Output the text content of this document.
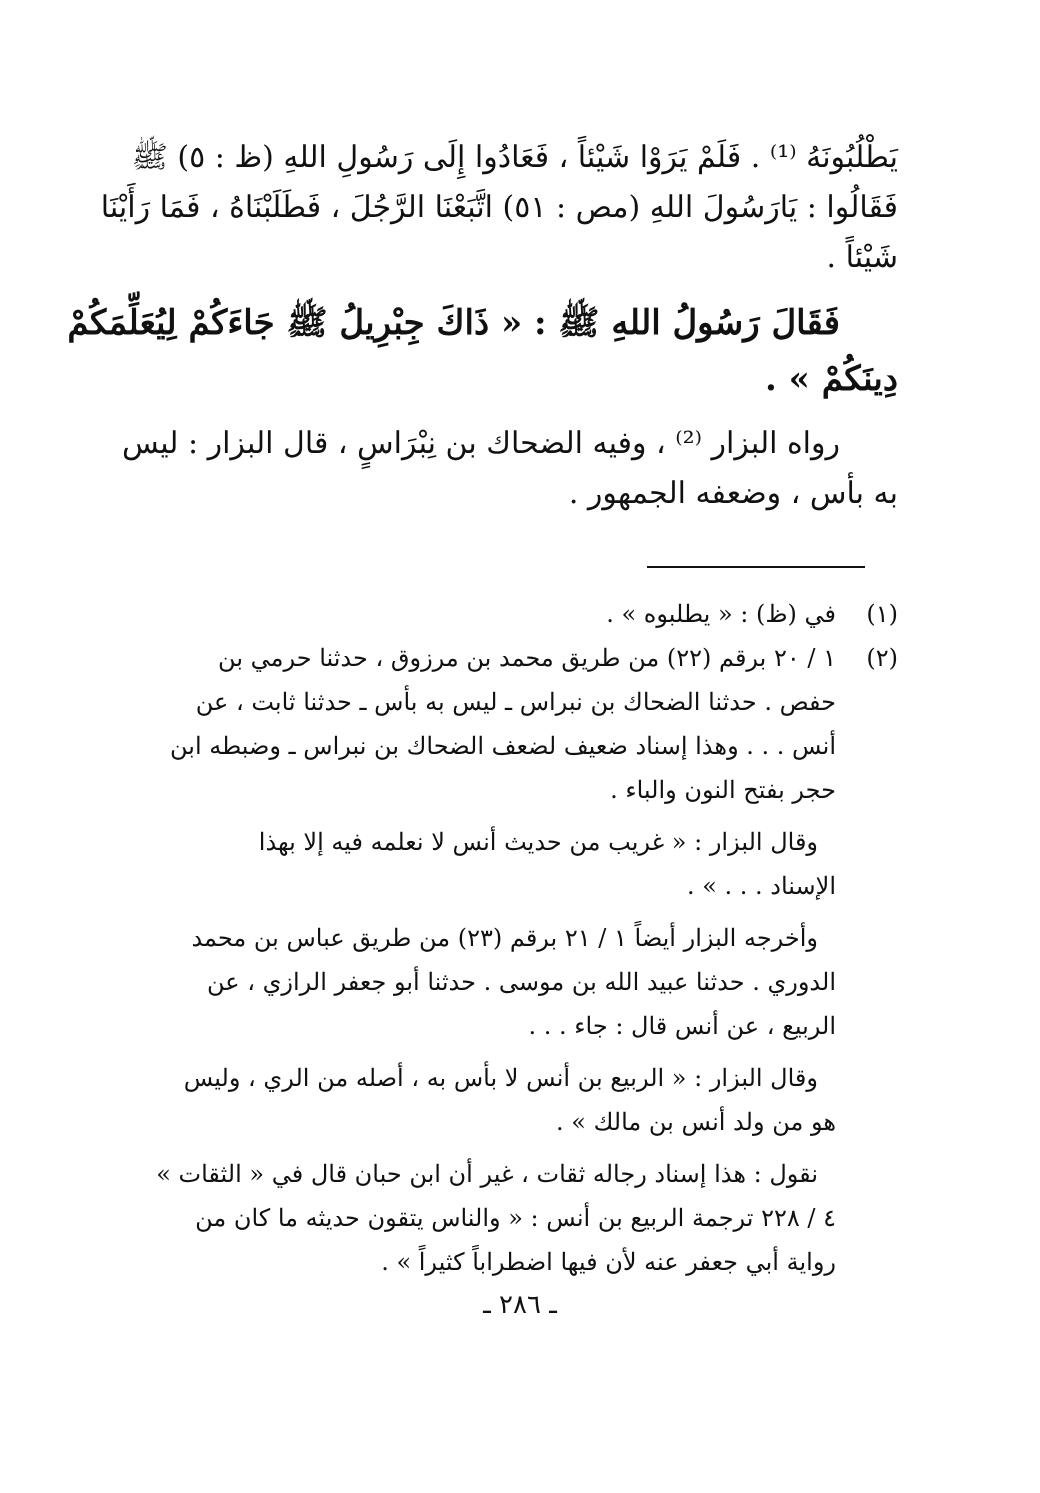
يَطْلُبُونَهُ ⁽¹⁾ . فَلَمْ يَرَوْا شَيْئاً ، فَعَادُوا إِلَى رَسُولِ اللهِ (ظ : ٥) ﷺ

فَقَالُوا : يَارَسُولَ اللهِ (مص : ٥١) اتَّبَعْنَا الرَّجُلَ ، فَطَلَبْنَاهُ ، فَمَا رَأَيْنَا

شَيْئاً .

فَقَالَ رَسُولُ اللهِ ﷺ : « ذَاكَ جِبْرِيلُ ﷺ جَاءَكُمْ لِيُعَلِّمَكُمْ

دِينَكُمْ » .

رواه البزار ⁽²⁾ ، وفيه الضحاك بن نِبْرَاسٍ ، قال البزار : ليس

به بأس ، وضعفه الجمهور .

(١)في (ظ) : « يطلبوه » .

(٢)١ / ٢٠ برقم (٢٢) من طريق محمد بن مرزوق ، حدثنا حرمي بن

حفص . حدثنا الضحاك بن نبراس ـ ليس به بأس ـ حدثنا ثابت ، عن

أنس . . . وهذا إسناد ضعيف لضعف الضحاك بن نبراس ـ وضبطه ابن

حجر بفتح النون والباء .

وقال البزار : « غريب من حديث أنس لا نعلمه فيه إلا بهذا

الإسناد . . . » .

وأخرجه البزار أيضاً ١ / ٢١ برقم (٢٣) من طريق عباس بن محمد

الدوري . حدثنا عبيد الله بن موسى . حدثنا أبو جعفر الرازي ، عن

الربيع ، عن أنس قال : جاء . . .

وقال البزار : « الربيع بن أنس لا بأس به ، أصله من الري ، وليس

هو من ولد أنس بن مالك » .

نقول : هذا إسناد رجاله ثقات ، غير أن ابن حبان قال في « الثقات »

٤ / ٢٢٨ ترجمة الربيع بن أنس : « والناس يتقون حديثه ما كان من

رواية أبي جعفر عنه لأن فيها اضطراباً كثيراً » .

ـ ٢٨٦ ـ
